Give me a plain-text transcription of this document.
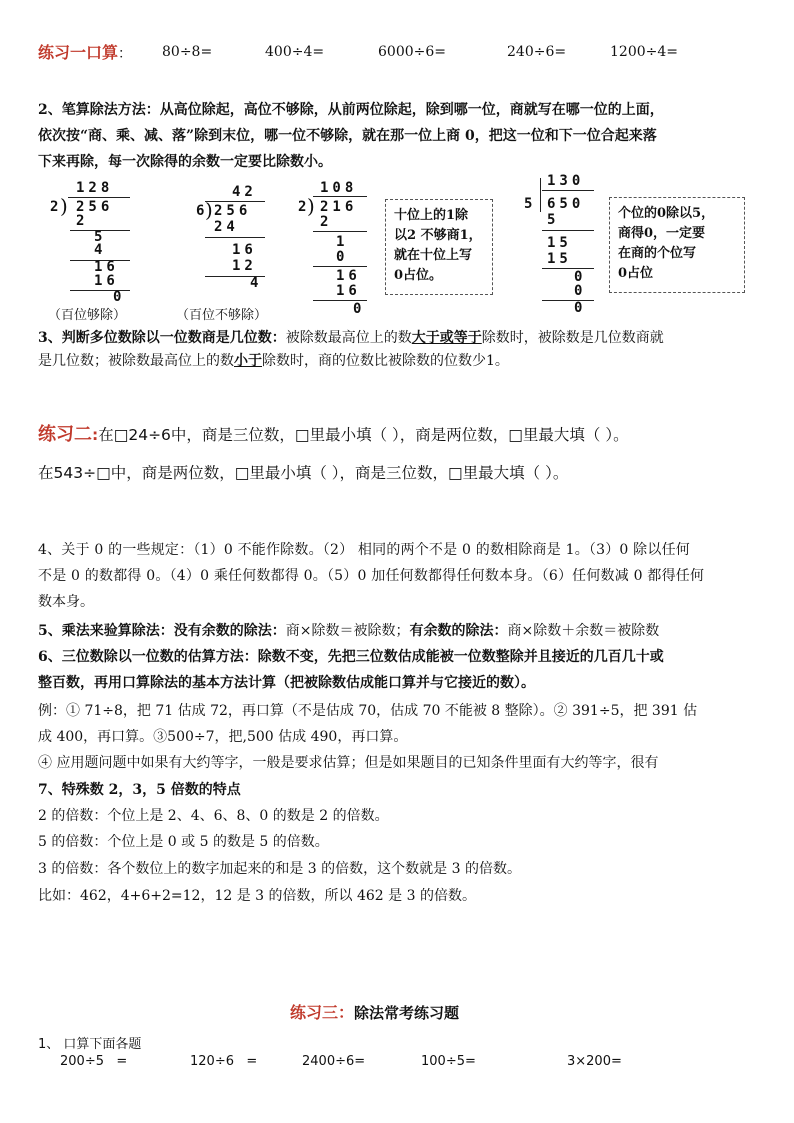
练习一口算： 80÷8=	400÷4=	6000÷6=	240÷6=	1200÷4=
2、笔算除法方法：从高位除起，高位不够除，从前两位除起，除到哪一位，商就写在哪一位的上面，
依次按“商、乘、减、落”除到末位，哪一位不够除，就在那一位上商 0，把这一位和下一位合起来落
下来再除，每一次除得的余数一定要比除数小。
128
2
) 256
2
5
4
16
16
0
（百位够除）
42
6
) 256
24
16
12
4
（百位不够除）
108
2
) 216
2
1
0
16
16
0
十位上的1除
以2 不够商1，
就在十位上写
0占位。
130
5 650
5
15
15
0
0
0
个位的0除以5，
商得0，一定要
在商的个位写
0占位
3、判断多位数除以一位数商是几位数：被除数最高位上的数大于或等于除数时，被除数是几位数商就
是几位数；被除数最高位上的数小于除数时，商的位数比被除数的位数少1。
练习二:在□24÷6中，商是三位数，□里最小填（ ），商是两位数，□里最大填（ ）。
在543÷□中，商是两位数，□里最小填（ ），商是三位数，□里最大填（ ）。
4、关于 0 的一些规定：（1）0 不能作除数。（2） 相同的两个不是 0 的数相除商是 1。（3）0 除以任何
不是 0 的数都得 0。（4）0 乘任何数都得 0。（5）0 加任何数都得任何数本身。（6）任何数减 0 都得任何
数本身。
5、乘法来验算除法：没有余数的除法：商×除数＝被除数；有余数的除法：商×除数＋余数＝被除数
6、三位数除以一位数的估算方法：除数不变，先把三位数估成能被一位数整除并且接近的几百几十或
整百数，再用口算除法的基本方法计算（把被除数估成能口算并与它接近的数）。
例：① 71÷8，把 71 估成 72，再口算（不是估成 70，估成 70 不能被 8 整除）。② 391÷5，把 391 估
成 400，再口算。③500÷7，把,500 估成 490，再口算。
④ 应用题问题中如果有大约等字，一般是要求估算；但是如果题目的已知条件里面有大约等字，很有
7、特殊数 2，3，5 倍数的特点
2 的倍数：个位上是 2、4、6、8、0 的数是 2 的倍数。
5 的倍数：个位上是 0 或 5 的数是 5 的倍数。
3 的倍数：各个数位上的数字加起来的和是 3 的倍数，这个数就是 3 的倍数。
比如：462，4+6+2=12，12 是 3 的倍数，所以 462 是 3 的倍数。
练习三：除法常考练习题
1、 口算下面各题
200÷5   =	120÷6   =	2400÷6=	100÷5=	3×200=
